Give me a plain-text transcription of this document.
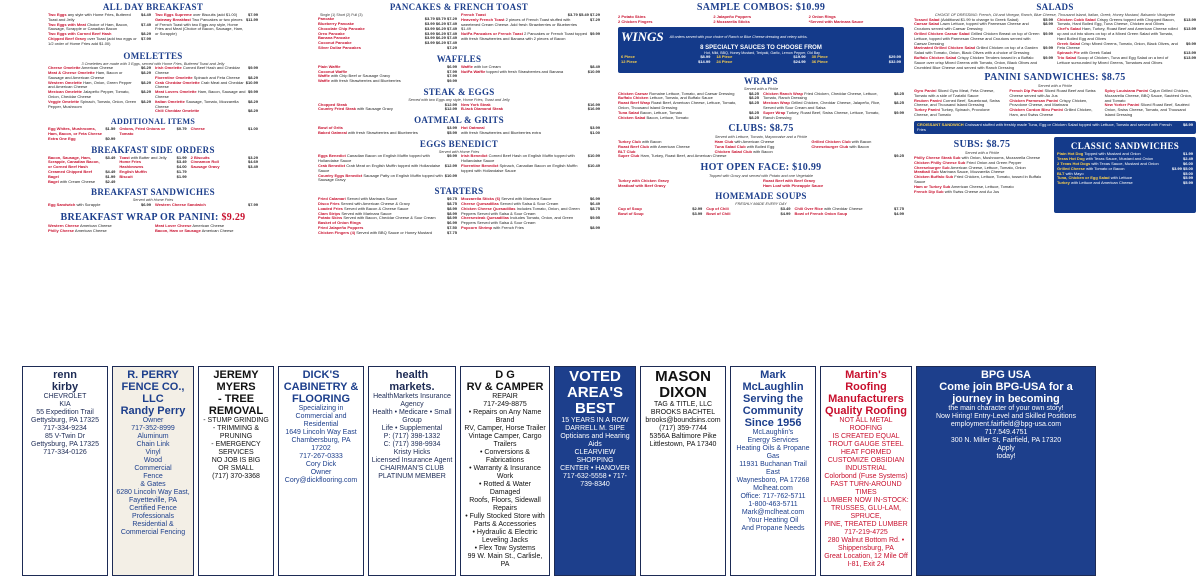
ALL DAY BREAKFAST
Two Eggs any style with Home Fries, Buttered Toast and Jelly
$4.49
Two Eggs with Meat Choice of Ham, Bacon, Sausage, Scrapple or Canadian Bacon
$7.49
Two Eggs with Corned Beef Hash	$8.29
Chipped Beef Gravy over Toast (add two eggs or 1/2 order of Home Fries add $1.00)
$7.99
Two Eggs Supreme over Biscuits (add $1.00)	$7.99
Gateway Breakfast Two Pancakes or two pieces of French Toast with two Eggs any style, Home Fries and Meat (Choice of Bacon, Sausage, Ham, or Scrapple)
$11.99
OMELETTES
3 Omelettes are made with 3 Eggs, served with Home Fries, Buttered Toast and Jelly
Cheese Omelette American Cheese	$6.29
Meat & Cheese Omelette Ham, Bacon or Sausage and American Cheese
$8.29
Western Omelette Ham, Onion, Green Pepper and American Cheese
$8.29
Mexican Omelette Jalapeño Pepper, Tomato, Onion, Cheddar Cheese
$8.29
Veggie Omelette Spinach, Tomato, Onion, Green Pepper, Mushroom
$8.29
Irish Omelette Corned Beef Hash and Cheddar Cheese
$9.99
Florentine Omelette Spinach and Feta Cheese	$8.29
Crab Cheddar Omelette Crab Meat and Cheddar Cheese
$10.99
Meat Lovers Omelette Ham, Bacon, Sausage and Cheese
$9.99
Italian Omelette Sausage, Tomato, Mozzarella Cheese
$8.29
Chili Cheddar Omelette	$8.29
ADDITIONAL ITEMS
Egg Whites, Mushrooms, Ham, Bacon, or Feta Cheese
$1.59 Onions, Fried Onions or Tomato
$0.79 Cheese	$1.00
Extra One Egg	$0.99
BREAKFAST SIDE ORDERS
Bacon, Sausage, Ham, Scrapple, Canadian Bacon, or Corned Beef Hash
$3.49
Creamed Chipped Beef	$4.49
Bagel	$1.99
Bagel with Cream Cheese	$2.49
Toast with Butter and Jelly	$1.99
Home Fries	$3.49
Hashbrowns	$4.00
English Muffin	$1.79
Biscuit	$1.99
2 Biscuits	$3.29
Cinnamon Roll	$4.69
Sausage Gravy	$3.49
BREAKFAST SANDWICHES
Served with Home Fries
Egg Sandwich with Scrapple	$6.99 Western Cheese Sandwich	$7.99
BREAKFAST WRAP OR PANINI: $9.29
Western Cheese American Cheese	Meat Lover Cheese American Cheese
Philly Cheese American Cheese	Bacon, Ham or Sausage American Cheese
PANCAKES & FRENCH TOAST
Single (1) Short (2) Full (3)
Pancake	$3.79 $5.79 $7.29
Blueberry Pancake	$3.99 $6.29 $7.49
Chocolate Chip Pancake	$3.99 $6.29 $7.49
Oreo Pancake	$3.99 $6.29 $7.49
Banana Pancake	$3.99 $6.29 $7.49
Coconut Pancake	$3.99 $6.29 $7.49
Silver Dollar Pancakes	$7.29
French Toast	$3.79 $5.49 $7.29
Heavenly French Toast 2 pieces of French Toast stuffed with sweetened Cream Cheese. Add fresh Strawberries or Blueberries $1.49
$7.29
NutFa Pancakes or French Toast 2 Pancakes or French Toast topped with fresh Strawberries and Banana with 2 pieces of Bacon
$9.99
WAFFLES
Plain Waffle	$6.99
Coconut Waffle	$7.99
Waffle with Chip Beef or Sausage Gravy	$7.99
Waffle with fresh Strawberries and Blueberries	$9.99
Waffle with Ice Cream	$8.49
NutFa Waffle topped with fresh Strawberries and Banana	$10.99
STEAK & EGGS
Served with two Eggs any style, Home Fries, Toast and Jelly
Chopped Steak	$12.99 New York Steak	$16.99
Country Fried Steak with Sausage Gravy	$12.99 B-lack Diamond Steak	$16.99
OATMEAL & GRITS
Bowl of Grits	$3.99 Hot Oatmeal	$3.99
Baked Oatmeal with fresh Strawberries and Blueberries	$5.99 with fresh Strawberries and Blueberries extra	$1.00
EGGS BENEDICT
Served with Home Fries
Eggs Benedict Canadian Bacon on English Muffin topped with Hollandaise Sauce
$9.99 Irish Benedict Corned Beef Hash on English Muffin topped with Hollandaise Sauce
$10.99
Crab Benedict Crab Meat on English Muffin topped with Hollandaise Sauce
$12.99 Florentine Benedict Spinach, Canadian Bacon on English Muffin topped with Hollandaise Sauce
$10.49
Country Eggs Benedict Sausage Patty on English Muffin topped with Sausage Gravy
$10.99
STARTERS
Fried Calamari Served with Marinara Sauce	$9.75
Disco Fries Served with American Cheese & Gravy	$8.75
Loaded Fries Served with Bacon & Cheese Sauce	$8.99
Clam Strips Served with Marinara Sauce	$8.99
Potato Skins Served with Bacon, Cheddar Cheese & Sour Cream	$8.99
Basket of Onion Rings	$6.99
Fried Jalapeño Poppers	$7.50
Chicken Fingers (4) Served with BBQ Sauce or Honey Mustard	$7.75
Mozzarella Sticks (6) Served with Marinara Sauce	$6.99
Cheese Quesadillas Served with Salsa & Sour Cream	$6.49
Chicken Cheese Quesadillas Includes Tomato, Onion, and Green Peppers Served with Salsa & Sour Cream
$8.75
Cheesesteak Quesadillas Includes Tomato, Onion, and Green Peppers Served with Salsa & Sour Cream
$9.95
Popcorn Shrimp with French Fries	$8.99
SAMPLE COMBOS: $10.99
2 Potato Skins	2 Jalapeño Poppers	2 Onion Rings
2 Chicken Fingers	2 Mozzarella Sticks	*Served with Marinara Sauce
WINGS	All orders served with your choice of Ranch or Blue Cheese dressing and celery sticks.
8 SPECIALTY SAUCES TO CHOOSE FROM
Hot, Mild, BBQ, Honey Mustard, Teriyaki, Garlic, Lemon Pepper, Old Bay
6 Piece	$8.99 18 Piece	$19.99 30 Piece	$29.99
12 Piece	$14.99 24 Piece	$24.99 36 Piece	$32.99
WRAPS
Served with a Pickle
Chicken Caesar Romaine Lettuce, Tomato, and Caesar Dressing	$8.25
Buffalo Chicken Lettuce, Tomato, and Buffalo Sauce	$8.25
Roast Beef Wrap Roast Beef, American Cheese, Lettuce, Tomato, Onion, Thousand Island Dressing
$8.25
Tuna Salad Bacon, Lettuce, Tomato	$8.25
Chicken Salad Bacon, Lettuce, Tomato	$8.25
Chicken Ranch Wrap Fried Chicken, Cheddar Cheese, Lettuce, Tomato, Ranch Dressing
$8.25
Mexican Wrap Grilled Chicken, Cheddar Cheese, Jalapeño, Rice, Served with Sour Cream and Salsa
$8.25
Super Wrap Turkey, Roast Beef, Swiss Cheese, Lettuce, Tomato, Ranch Dressing
$9.99
CLUBS: $8.75
Served with Lettuce, Tomato, Mayonnaise and a Pickle
Turkey Club with Bacon	Ham Club with American Cheese	Grilled Chicken Club with Bacon
Roast Beef Club with American Cheese	Tuna Salad Club with Boiled Egg	Cheeseburger Club with Bacon
BLT Club	Chicken Salad Club with Bacon
Super Club Ham, Turkey, Roast Beef, and American Cheese	$9.25
HOT OPEN FACE: $10.99
Topped with Gravy and served with Potato and one Vegetable
Turkey with Chicken Gravy	Roast Beef with Beef Gravy
Meatloaf with Beef Gravy	Ham Loaf with Pineapple Sauce
HOMEMADE SOUPS
FRESHLY MADE EVERY DAY
Cup of Soup	$2.99 Cup of Chili	$3.49 Chili Over Rice with Cheddar Cheese	$7.75
Bowl of Soup	$3.99 Bowl of Chili	$4.99 Bowl of French Onion Soup	$4.99
SALADS
CHOICE OF DRESSING: French, Oil and Vinegar, Ranch, Blue Cheese, Thousand Island, Italian, Greek, Honey Mustard, Balsamic Vinaigrette
Tossed Salad (Additional $1.99 to change to Greek Salad)	$5.99
Caesar Salad Lawn Lettuce, topped with Parmesan Cheese and Croutons served with Caesar Dressing
$8.99
Grilled Chicken Caesar Salad Grilled Chicken Breast on top of Green Lettuce, topped with Parmesan Cheese and Croutons served with Caesar Dressing
$9.99
Marinated Grilled Chicken Salad Grilled Chicken on top of a Garden Salad with Tomato, Onion, Black Olives with a choice of Dressing
$9.99
Buffalo Chicken Salad Crispy Chicken Tenders tossed in a Buffalo Sauce over crisp Mixed Greens with Tomato, Onion, Black Olives and Crumbled Blue Cheese and served with Ranch Dressing
$9.99
Chicken Cobb Salad Crispy Greens topped with Chopped Bacon, Tomato, Hard Boiled Egg, Tuna Cheese, Chicken and Olives
$13.99
Chef's Salad Ham, Turkey, Roast Beef and American Cheese rolled up and cut into slices on top of a Mixed Green Salad with Tomato, Hard Boiled Egg and Olives
$13.99
Greek Salad Crisp Mixed Greens, Tomato, Onion, Black Olives, and Feta Cheese
$9.99
Spinach Pie with Greek Salad	$13.99
Trio Salad Scoop of Chicken, Tuna and Egg Salad on a bed of Lettuce surrounded by Mixed Greens, Tomatoes and Olives
$13.99
PANINI SANDWICHES: $8.75
Served with a Pickle
Gyro Panini Sliced Gyro Meat, Feta Cheese, Tomato with a side of Tzatziki Sauce
Reuben Panini Corned Beef, Sauerkraut, Swiss Cheese, and Thousand Island Dressing
Turkey Panini Turkey, Spinach, Provolone Cheese, and Tomato
French Dip Panini Sliced Roast Beef and Swiss Cheese served with Au Jus
Chicken Parmesan Panini Crispy Chicken, Provolone Cheese, and Marinara
Chicken Cordon Bleu Panini Grilled Chicken, Ham, and Swiss Cheese
Spicy Louisiana Panini Cajun Grilled Chicken, Mozzarella Cheese, BBQ Sauce, Sautéed Onion, and Tomato
New Yorker Panini Sliced Roast Beef, Sautéed Onion, Swiss Cheese, Tomato, and Thousand Island Dressing
CROISSANT SANDWICH Croissant stuffed with freshly made Tuna, Egg or Chicken Salad topped with Lettuce, Tomato and served with French Fries
$8.99
SUBS: $8.75
Served with a Pickle
Philly Cheese Steak Sub with Onion, Mushrooms, Mozzarella Cheese
Chicken Philly Cheese Sub Fried Onion and Green Pepper
Cheeseburger Sub American Cheese, Lettuce, Tomato, Onion
Meatball Sub Marinara Sauce, Mozzarella Cheese
Chicken Buffalo Sub Fried Chicken, Lettuce, Tomato, tossed in Buffalo Sauce
Ham or Turkey Sub American Cheese, Lettuce, Tomato
French Dip Sub with Swiss Cheese and Au Jus
CLASSIC SANDWICHES
Plain Hot Dog Topped with Mustard and Onion	$1.99
Texas Hot Dog with Texas Sauce, Mustard and Onion	$2.49
2 Texas Hot Dogs with Texas Sauce, Mustard and Onion	$6.00
Grilled Cheese with Tomato or Bacon	$3.99 $5.00
BLT with Mayo	$5.00
Tuna, Chicken or Egg Salad with Lettuce	$5.99
Turkey with Lettuce and American Cheese	$5.99
renn
kirby
CHEVROLET
KIA
55 Expedition Trail
Gettysburg, PA 17325
717-334-9234
85 V-Twin Dr
Gettysburg, PA 17325
717-334-0126
R. PERRY FENCE CO., LLC
Randy Perry
Owner
717-352-8999
Aluminum
Chain Link
Vinyl
Wood
Commercial
Fence
& Gates
6280 Lincoln Way East, Fayetteville, PA
Certified Fence Professionals
Residential & Commercial Fencing
JEREMY MYERS
- TREE REMOVAL
- STUMP GRINDING
- TRIMMING & PRUNING
- EMERGENCY SERVICES
NO JOB IS BIG
OR SMALL
(717) 370-3368
DICK'S
CABINETRY & FLOORING
Specializing in
Commercial and Residential
1649 Lincoln Way East
Chambersburg, PA 17202
717-267-0333
Cory Dick
Owner
Cory@dickflooring.com
health
markets.
HealthMarkets Insurance Agency
Health • Medicare • Small Group
Life • Supplemental
P: (717) 398-1332
C: (717) 398-9934
Kristy Hicks
Licensed Insurance Agent
CHAIRMAN'S CLUB
PLATINUM MEMBER
D G
RV & CAMPER
REPAIR
717-249-8875
• Repairs on Any Name Brand
RV, Camper, Horse Trailer
Vintage Camper, Cargo Trailers
• Conversions & Fabrications
• Warranty & Insurance Work
• Rotted & Water Damaged
Roofs, Floors, Sidewall Repairs
• Fully Stocked Store with
Parts & Accessories
• Hydraulic & Electric Leveling Jacks
• Flex Tow Systems
99 W. Main St., Carlisle, PA
VOTED AREA'S
BEST
15 YEARS IN A ROW
DARRELL M. SIPE
Opticians and Hearing Aids
CLEARVIEW SHOPPING
CENTER • HANOVER
717-632-5558 • 717-739-8340
MASON
DIXON
TAG & TITLE, LLC
BROOKS BACHTEL
brooks@boundsins.com
(717) 359-7744
5356A Baltimore Pike
Littlestown, PA 17340
Mark McLaughlin
Serving the Community Since 1956
McLaughlin's
Energy Services
Heating Oils & Propane Gas
11931 Buchanan Trail East
Waynesboro, PA 17268
Mclheat.com
Office: 717-762-5711
1-800-463-5711
Mark@mclheat.com
Your Heating Oil
And Propane Needs
Martin's Roofing
Manufacturers Quality Roofing
NOT ALL METAL ROOFING
IS CREATED EQUAL
TROUT GAUGE STEEL
HEAT FORMED
CUSTOMIZE OBSIDIAN
INDUSTRIAL
Colorbond (Fuse Systems)
FAST TURN-AROUND TIMES
LUMBER NOW IN-STOCK:
TRUSSES, GLU-LAM, SPRUCE,
PINE, TREATED LUMBER
717-219-4725
280 Walnut Bottom Rd. • Shippensburg, PA
Great Location, 12 Mile Off I-81, Exit 24
BPG USA
Come join BPG-USA for a journey in becoming
the main character of your own story!
Now Hiring! Entry-Level and Skilled Positions
employment.fairfield@bpg-usa.com
717.549.4751
300 N. Miller St, Fairfield, PA 17320
Apply
today!
